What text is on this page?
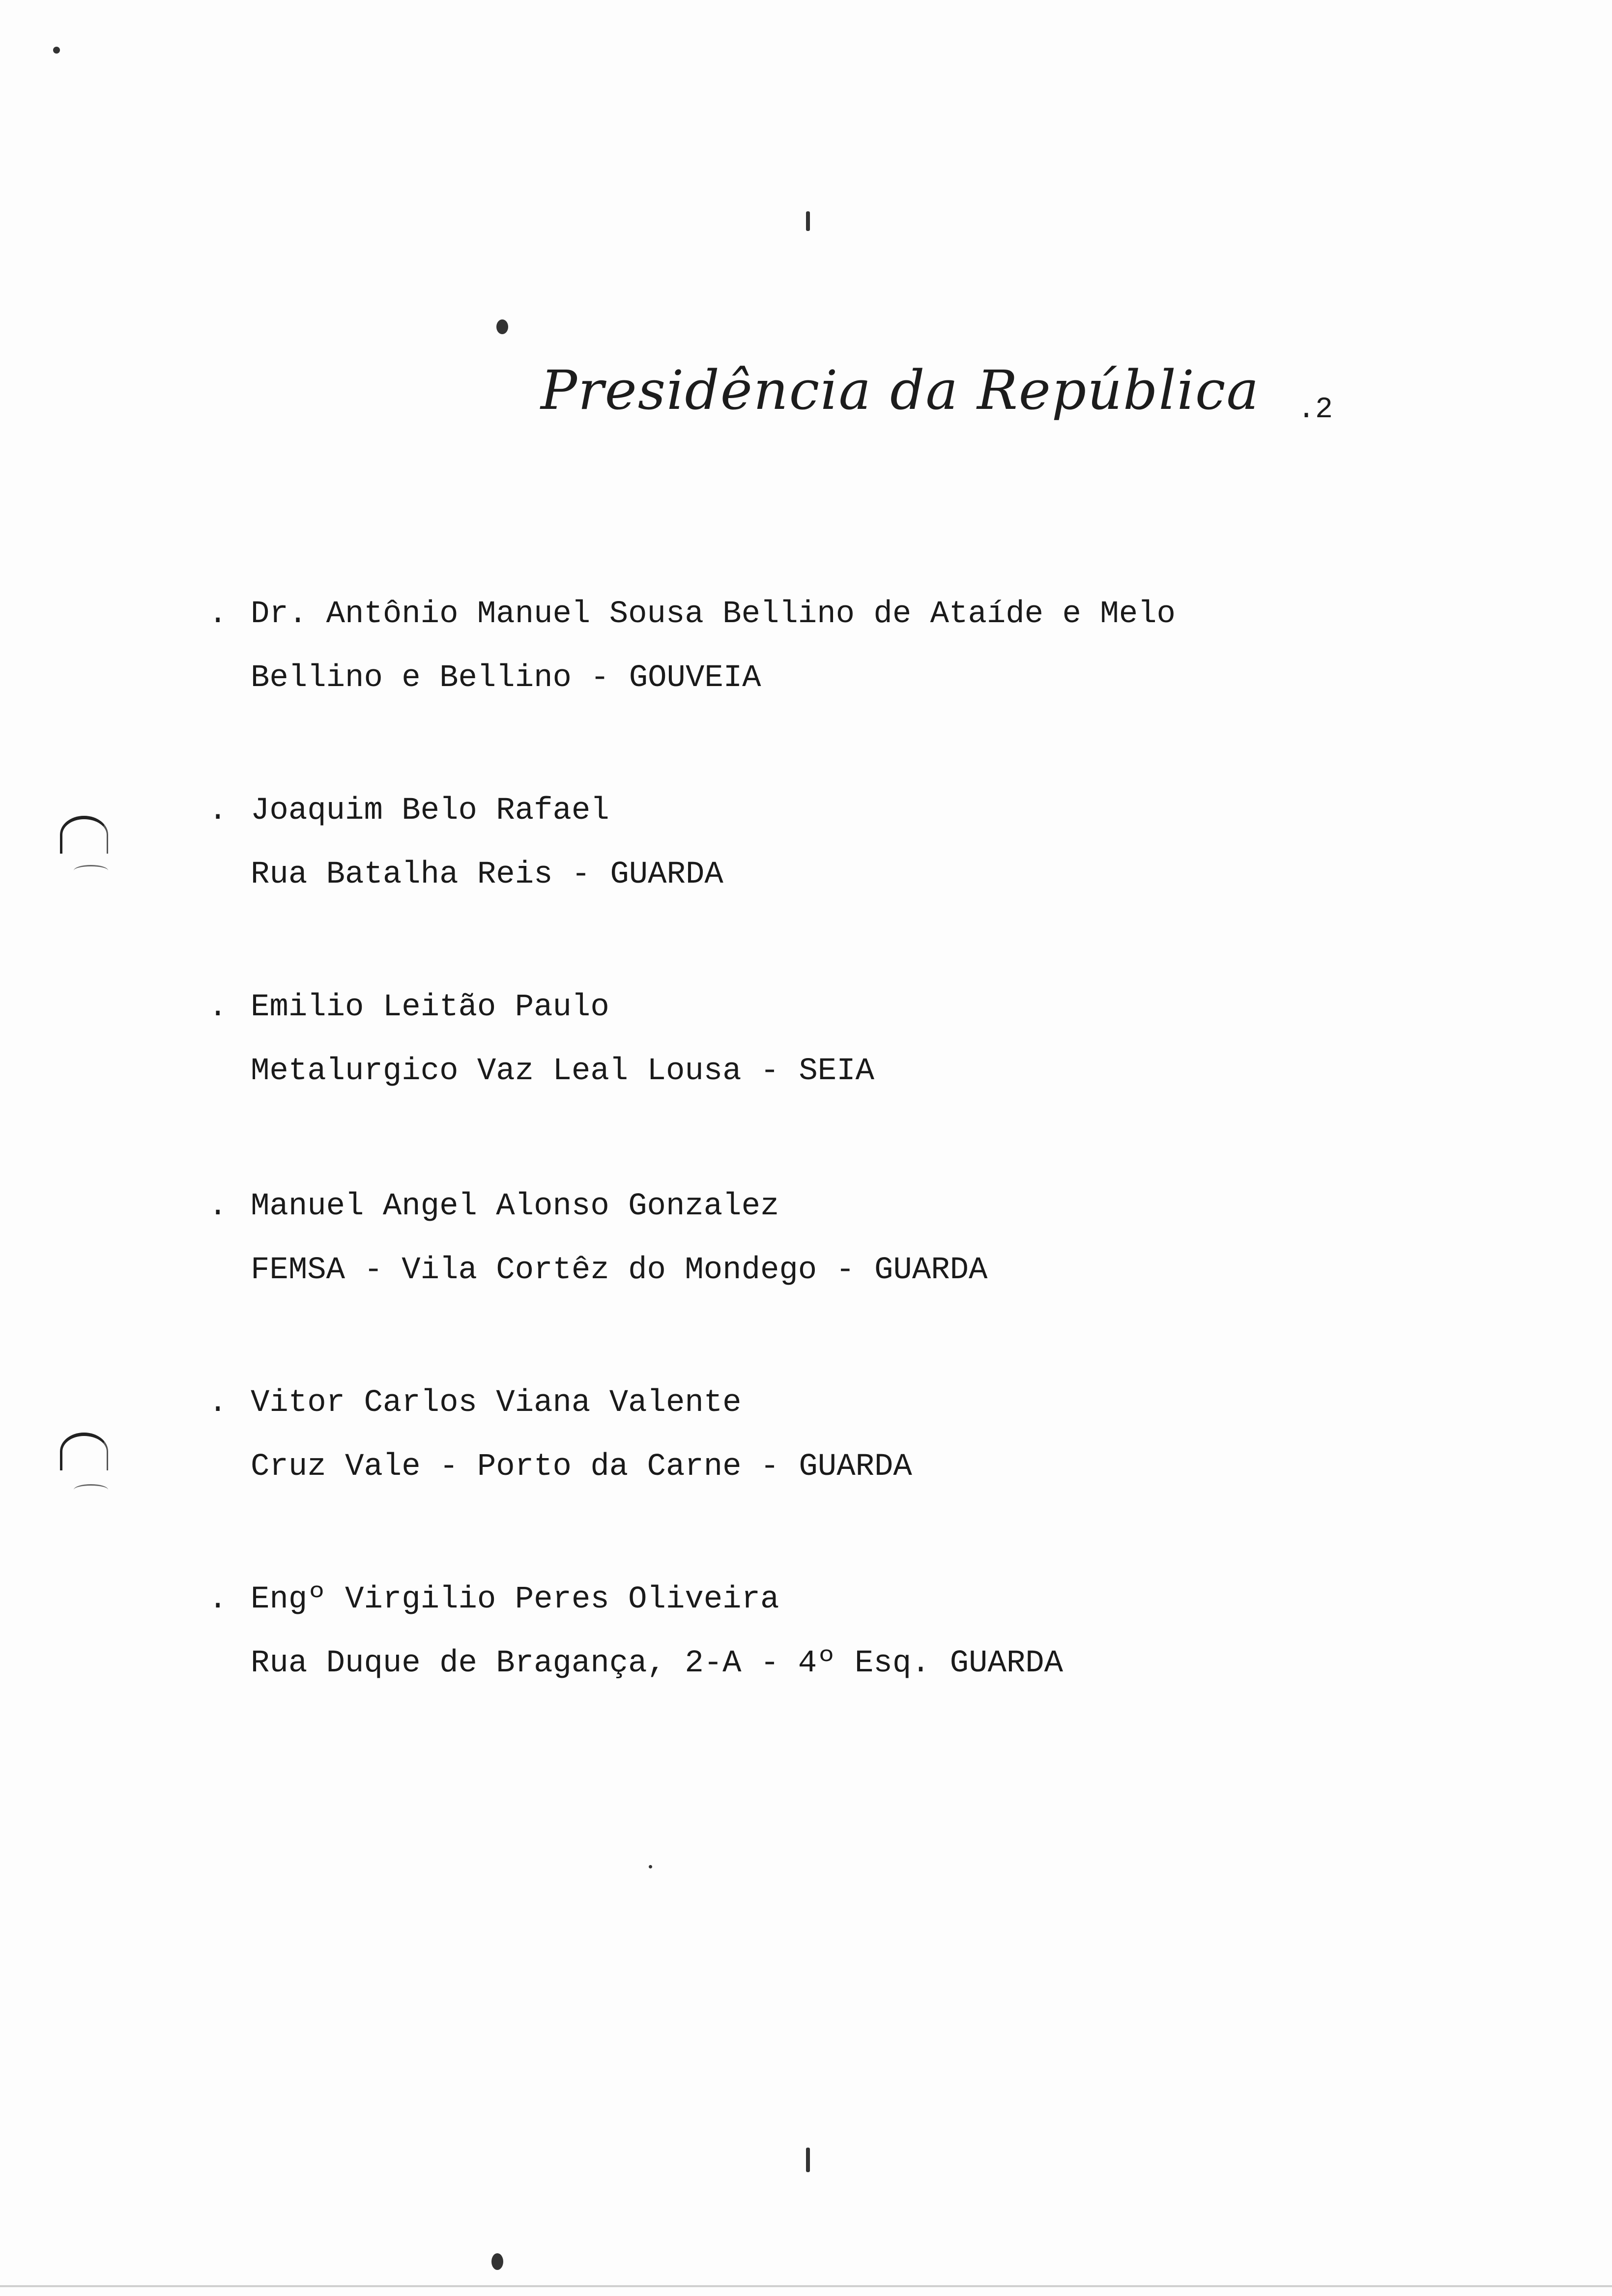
Presidência da República .2
. Dr. Antônio Manuel Sousa Bellino de Ataíde e Melo
Bellino e Bellino - GOUVEIA
. Joaquim Belo Rafael
Rua Batalha Reis - GUARDA
. Emilio Leitão Paulo
Metalurgico Vaz Leal Lousa - SEIA
. Manuel Angel Alonso Gonzalez
FEMSA - Vila Cortêz do Mondego - GUARDA
. Vitor Carlos Viana Valente
Cruz Vale - Porto da Carne - GUARDA
. Engº Virgilio Peres Oliveira
Rua Duque de Bragança, 2-A - 4º Esq. GUARDA
